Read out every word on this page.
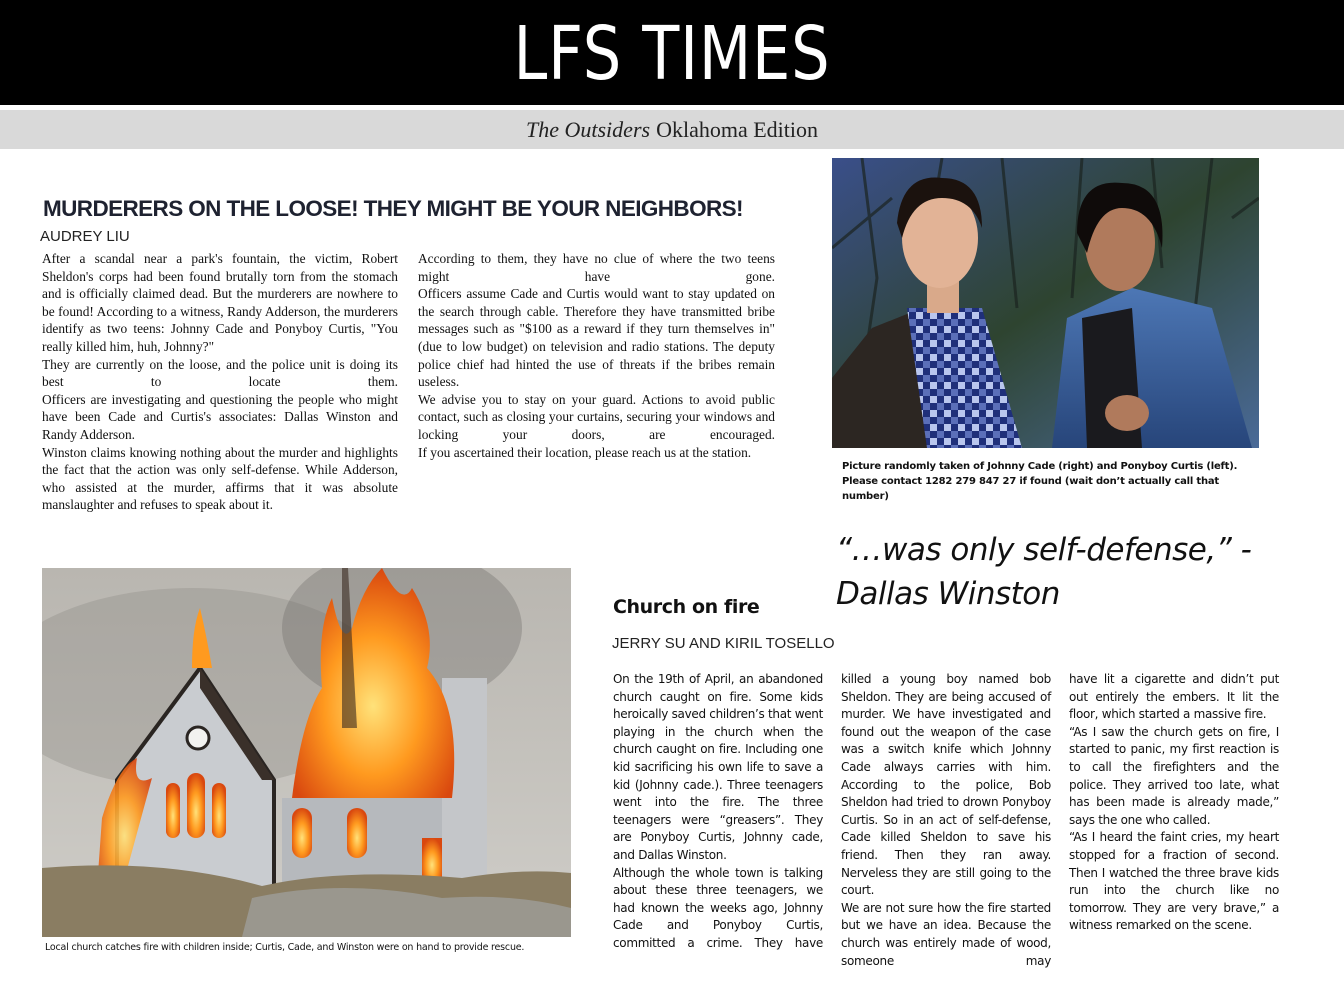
LFS TIMES
The Outsiders Oklahoma Edition
MURDERERS ON THE LOOSE! THEY MIGHT BE YOUR NEIGHBORS!
AUDREY LIU

After a scandal near a park's fountain, the victim, Robert Sheldon's corps had been found brutally torn from the stomach and is officially claimed dead. But the murderers are nowhere to be found! According to a witness, Randy Adderson, the murderers identify as two teens: Johnny Cade and Ponyboy Curtis, "You really killed him, huh, Johnny?"

They are currently on the loose, and the police unit is doing its best to locate them.

Officers are investigating and questioning the people who might have been Cade and Curtis's associates: Dallas Winston and Randy Adderson.

Winston claims knowing nothing about the murder and highlights the fact that the action was only self-defense. While Adderson, who assisted at the murder, affirms that it was absolute manslaughter and refuses to speak about it.

According to them, they have no clue of where the two teens might have gone.

Officers assume Cade and Curtis would want to stay updated on the search through cable. Therefore they have transmitted bribe messages such as "$100 as a reward if they turn themselves in" (due to low budget) on television and radio stations. The deputy police chief had hinted the use of threats if the bribes remain useless.

We advise you to stay on your guard. Actions to avoid public contact, such as closing your curtains, securing your windows and locking your doors, are encouraged.

If you ascertained their location, please reach us at the station.

Picture randomly taken of Johnny Cade (right) and Ponyboy Curtis (left).
Please contact 1282 279 847 27 if found (wait don’t actually call that number)
“…was only self-defense,” - Dallas Winston
Local church catches fire with children inside; Curtis, Cade, and Winston were on hand to provide rescue.
Church on fire
JERRY SU AND KIRIL TOSELLO

On the 19th of April, an abandoned church caught on fire. Some kids heroically saved children’s that went playing in the church when the church caught on fire. Including one kid sacrificing his own life to save a kid (Johnny cade.). Three teenagers went into the fire. The three teenagers were “greasers”. They are Ponyboy Curtis, Johnny cade, and Dallas Winston.

Although the whole town is talking about these three teenagers, we had known the weeks ago, Johnny Cade and Ponyboy Curtis, committed a crime. They have

killed a young boy named bob Sheldon. They are being accused of murder. We have investigated and found out the weapon of the case was a switch knife which Johnny Cade always carries with him. According to the police, Bob Sheldon had tried to drown Ponyboy Curtis. So in an act of self-defense, Cade killed Sheldon to save his friend. Then they ran away. Nerveless they are still going to the court.

We are not sure how the fire started but we have an idea. Because the church was entirely made of wood, someone may

have lit a cigarette and didn’t put out entirely the embers. It lit the floor, which started a massive fire.

“As I saw the church gets on fire, I started to panic, my first reaction is to call the firefighters and the police. They arrived too late, what has been made is already made,” says the one who called.

“As I heard the faint cries, my heart stopped for a fraction of second. Then I watched the three brave kids run into the church like no tomorrow. They are very brave,” a witness remarked on the scene.
